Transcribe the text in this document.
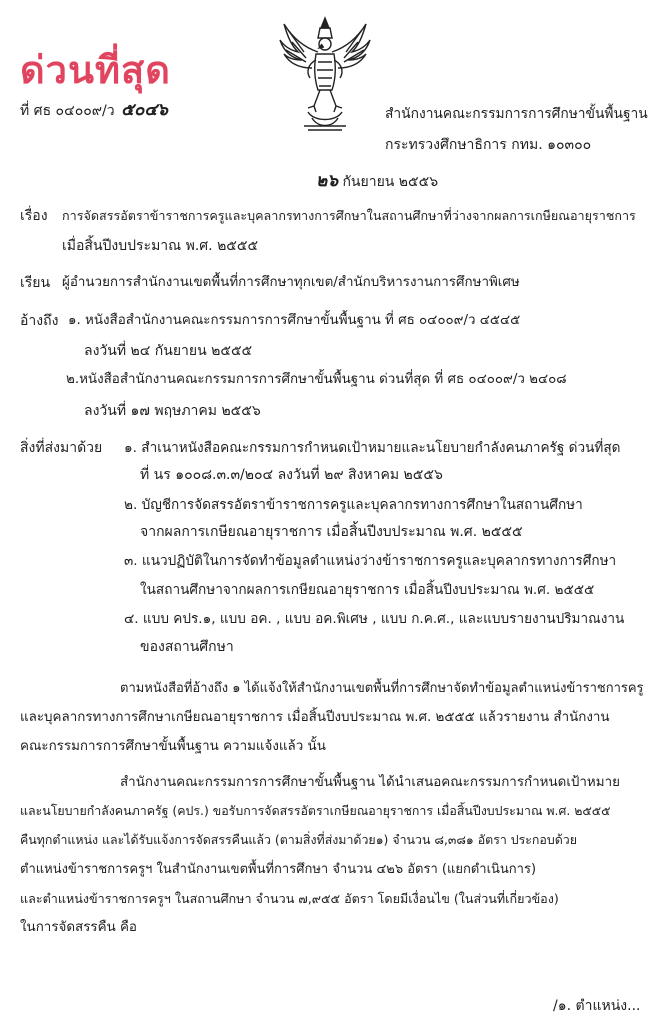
ด่วนที่สุด
ที่ ศธ ๐๔๐๐๙/ว ๕๐๔๖	สำนักงานคณะกรรมการการศึกษาขั้นพื้นฐาน
กระทรวงศึกษาธิการ กทม. ๑๐๓๐๐
๒๖ กันยายน ๒๕๕๖
เรื่อง การจัดสรรอัตราข้าราชการครูและบุคลากรทางการศึกษาในสถานศึกษาที่ว่างจากผลการเกษียณอายุราชการ
เมื่อสิ้นปีงบประมาณ พ.ศ. ๒๕๕๕
เรียน ผู้อำนวยการสำนักงานเขตพื้นที่การศึกษาทุกเขต/สำนักบริหารงานการศึกษาพิเศษ
อ้างถึง ๑. หนังสือสำนักงานคณะกรรมการการศึกษาขั้นพื้นฐาน ที่ ศธ ๐๔๐๐๙/ว ๔๕๔๕
ลงวันที่ ๒๔ กันยายน ๒๕๕๕
๒.หนังสือสำนักงานคณะกรรมการการศึกษาขั้นพื้นฐาน ด่วนที่สุด ที่ ศธ ๐๔๐๐๙/ว ๒๔๐๘
ลงวันที่ ๑๗ พฤษภาคม ๒๕๕๖
สิ่งที่ส่งมาด้วย ๑. สำเนาหนังสือคณะกรรมการกำหนดเป้าหมายและนโยบายกำลังคนภาครัฐ ด่วนที่สุด
ที่ นร ๑๐๐๘.๓.๓/๒๐๔ ลงวันที่ ๒๙ สิงหาคม ๒๕๕๖
๒. บัญชีการจัดสรรอัตราข้าราชการครูและบุคลากรทางการศึกษาในสถานศึกษา
จากผลการเกษียณอายุราชการ เมื่อสิ้นปีงบประมาณ พ.ศ. ๒๕๕๕
๓. แนวปฏิบัติในการจัดทำข้อมูลตำแหน่งว่างข้าราชการครูและบุคลากรทางการศึกษา
ในสถานศึกษาจากผลการเกษียณอายุราชการ เมื่อสิ้นปีงบประมาณ พ.ศ. ๒๕๕๕
๔. แบบ คปร.๑, แบบ อค. , แบบ อค.พิเศษ , แบบ ก.ค.ศ., และแบบรายงานปริมาณงาน
ของสถานศึกษา
ตามหนังสือที่อ้างถึง ๑ ได้แจ้งให้สำนักงานเขตพื้นที่การศึกษาจัดทำข้อมูลตำแหน่งข้าราชการครู
และบุคลากรทางการศึกษาเกษียณอายุราชการ เมื่อสิ้นปีงบประมาณ พ.ศ. ๒๕๕๕ แล้วรายงาน สำนักงาน
คณะกรรมการการศึกษาขั้นพื้นฐาน ความแจ้งแล้ว นั้น
สำนักงานคณะกรรมการการศึกษาขั้นพื้นฐาน ได้นำเสนอคณะกรรมการกำหนดเป้าหมาย
และนโยบายกำลังคนภาครัฐ (คปร.) ขอรับการจัดสรรอัตราเกษียณอายุราชการ เมื่อสิ้นปีงบประมาณ พ.ศ. ๒๕๕๕
คืนทุกตำแหน่ง และได้รับแจ้งการจัดสรรคืนแล้ว (ตามสิ่งที่ส่งมาด้วย๑) จำนวน ๘,๓๘๑ อัตรา ประกอบด้วย
ตำแหน่งข้าราชการครูฯ ในสำนักงานเขตพื้นที่การศึกษา จำนวน ๔๒๖ อัตรา (แยกดำเนินการ)
และตำแหน่งข้าราชการครูฯ ในสถานศึกษา จำนวน ๗,๙๕๕ อัตรา โดยมีเงื่อนไข (ในส่วนที่เกี่ยวข้อง)
ในการจัดสรรคืน คือ
/๑. ตำแหน่ง...
